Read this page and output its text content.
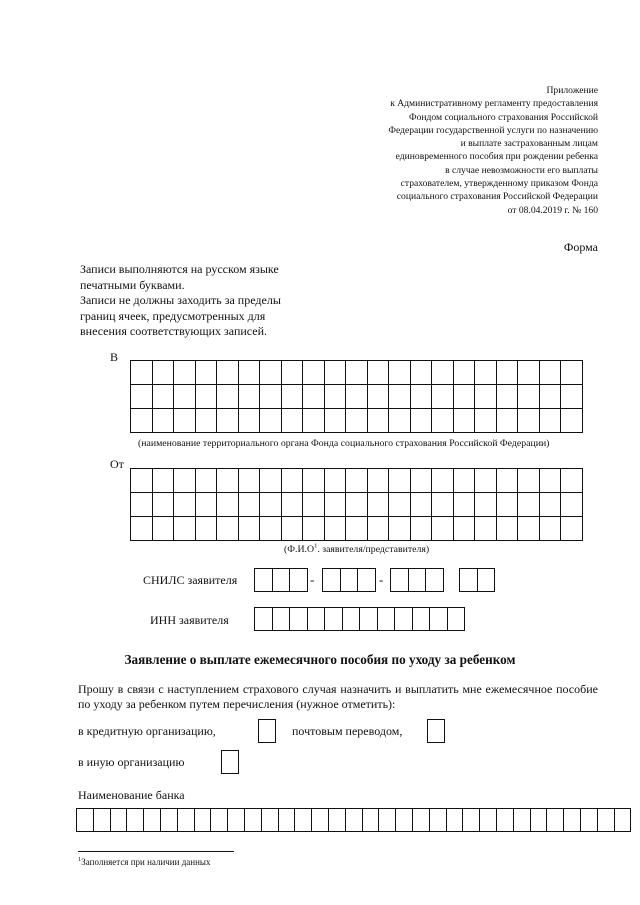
Приложение
к Административному регламенту предоставления
Фондом социального страхования Российской
Федерации государственной услуги по назначению
и выплате застрахованным лицам
единовременного пособия при рождении ребенка
в случае невозможности его выплаты
страхователем, утвержденному приказом Фонда
социального страхования Российской Федерации
от 08.04.2019 г. № 160
Форма
Записи выполняются на русском языке
печатными буквами.
Записи не должны заходить за пределы
границ ячеек, предусмотренных для
внесения соответствующих записей.
В

(наименование территориального органа Фонда социального страхования Российской Федерации)
От

($Ф.И.О^1$. заявителя/представителя)
СНИЛС заявителя	-	-
ИНН заявителя
Заявление о выплате ежемесячного пособия по уходу за ребенком
Прошу в связи с наступлением страхового случая назначить и выплатить мне ежемесячное пособие по уходу за ребенком путем перечисления (нужное отметить):
в кредитную организацию,	почтовым переводом,
в иную организацию
Наименование банка
$^1$Заполняется при наличии данных
